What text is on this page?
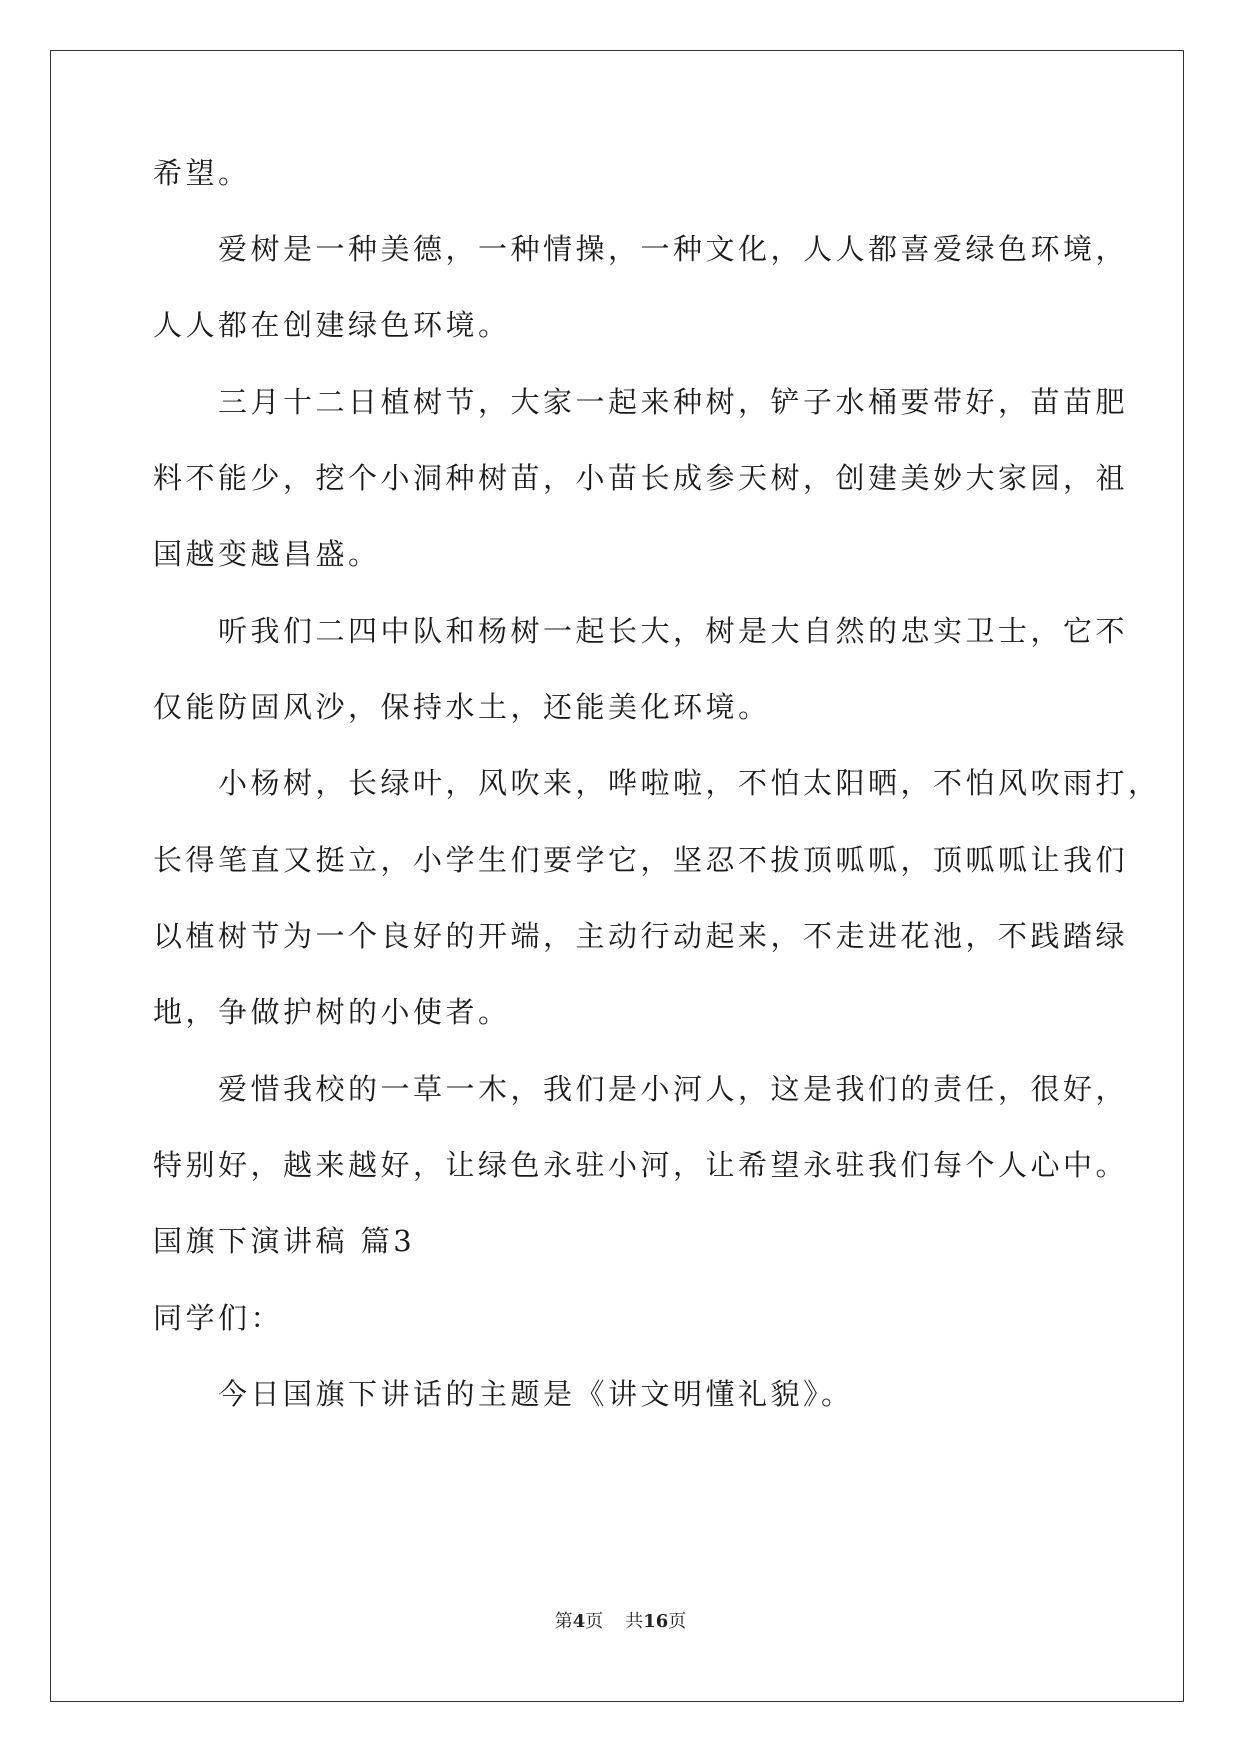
希望。
　　爱树是一种美德，一种情操，一种文化，人人都喜爱绿色环境，
人人都在创建绿色环境。
　　三月十二日植树节，大家一起来种树，铲子水桶要带好，苗苗肥
料不能少，挖个小洞种树苗，小苗长成参天树，创建美妙大家园，祖
国越变越昌盛。
　　听我们二四中队和杨树一起长大，树是大自然的忠实卫士，它不
仅能防固风沙，保持水土，还能美化环境。
　　小杨树，长绿叶，风吹来，哗啦啦，不怕太阳晒，不怕风吹雨打，
长得笔直又挺立，小学生们要学它，坚忍不拔顶呱呱，顶呱呱让我们
以植树节为一个良好的开端，主动行动起来，不走进花池，不践踏绿
地，争做护树的小使者。
　　爱惜我校的一草一木，我们是小河人，这是我们的责任，很好，
特别好，越来越好，让绿色永驻小河，让希望永驻我们每个人心中。
国旗下演讲稿 篇3
同学们：
　　今日国旗下讲话的主题是《讲文明懂礼貌》。
第4页 共16页
